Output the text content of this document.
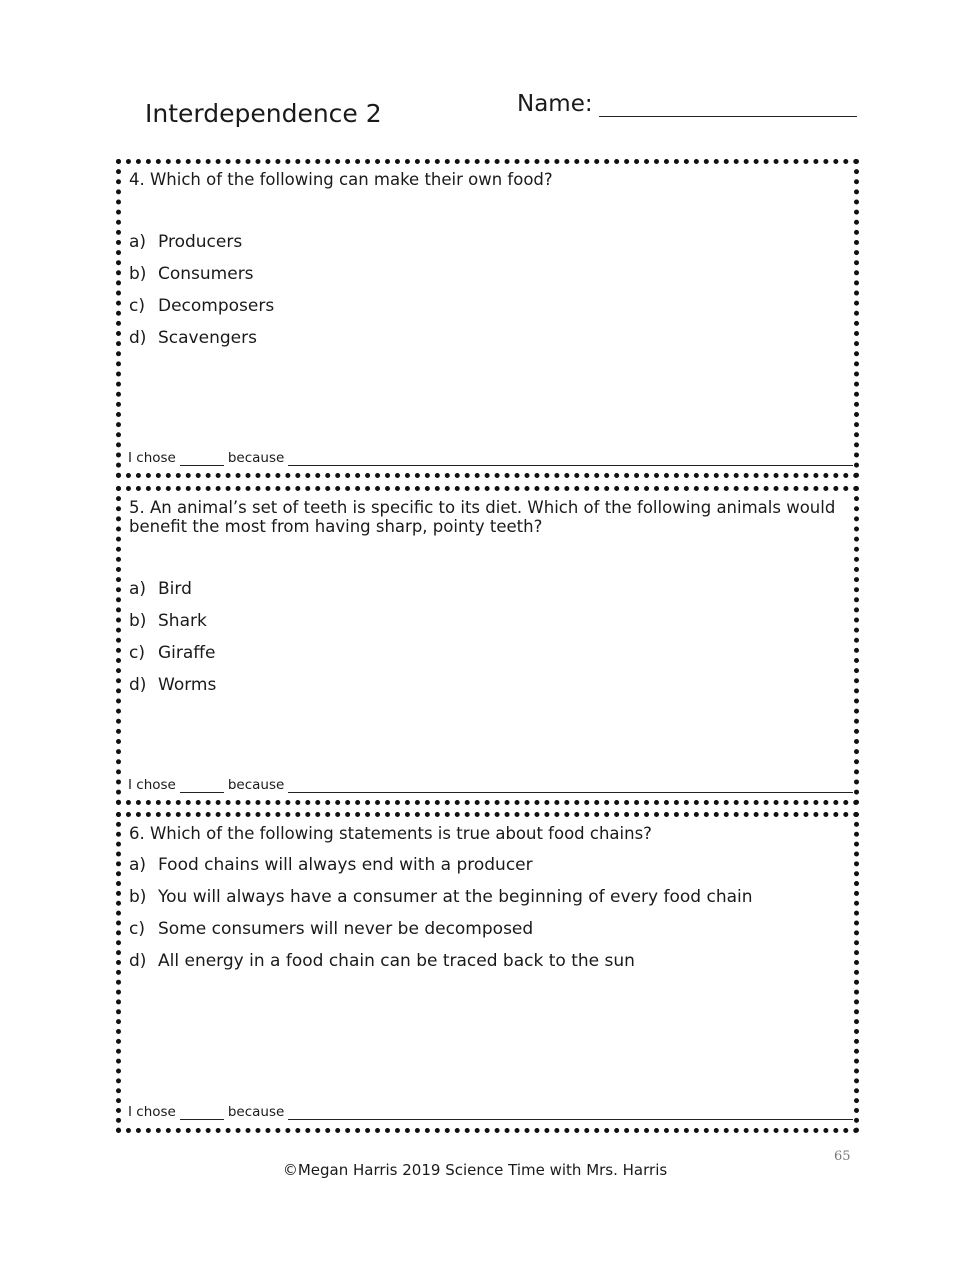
Interdependence 2	Name:
4. Which of the following can make their own food?
a) Producers
b) Consumers
c) Decomposers
d) Scavengers
I chose	because
5. An animal’s set of teeth is specific to its diet. Which of the following animals would benefit the most from having sharp, pointy teeth?
a) Bird
b) Shark
c) Giraffe
d) Worms
I chose	because
6. Which of the following statements is true about food chains?
a) Food chains will always end with a producer
b) You will always have a consumer at the beginning of every food chain
c) Some consumers will never be decomposed
d) All energy in a food chain can be traced back to the sun
I chose	because
65
©Megan Harris 2019 Science Time with Mrs. Harris
